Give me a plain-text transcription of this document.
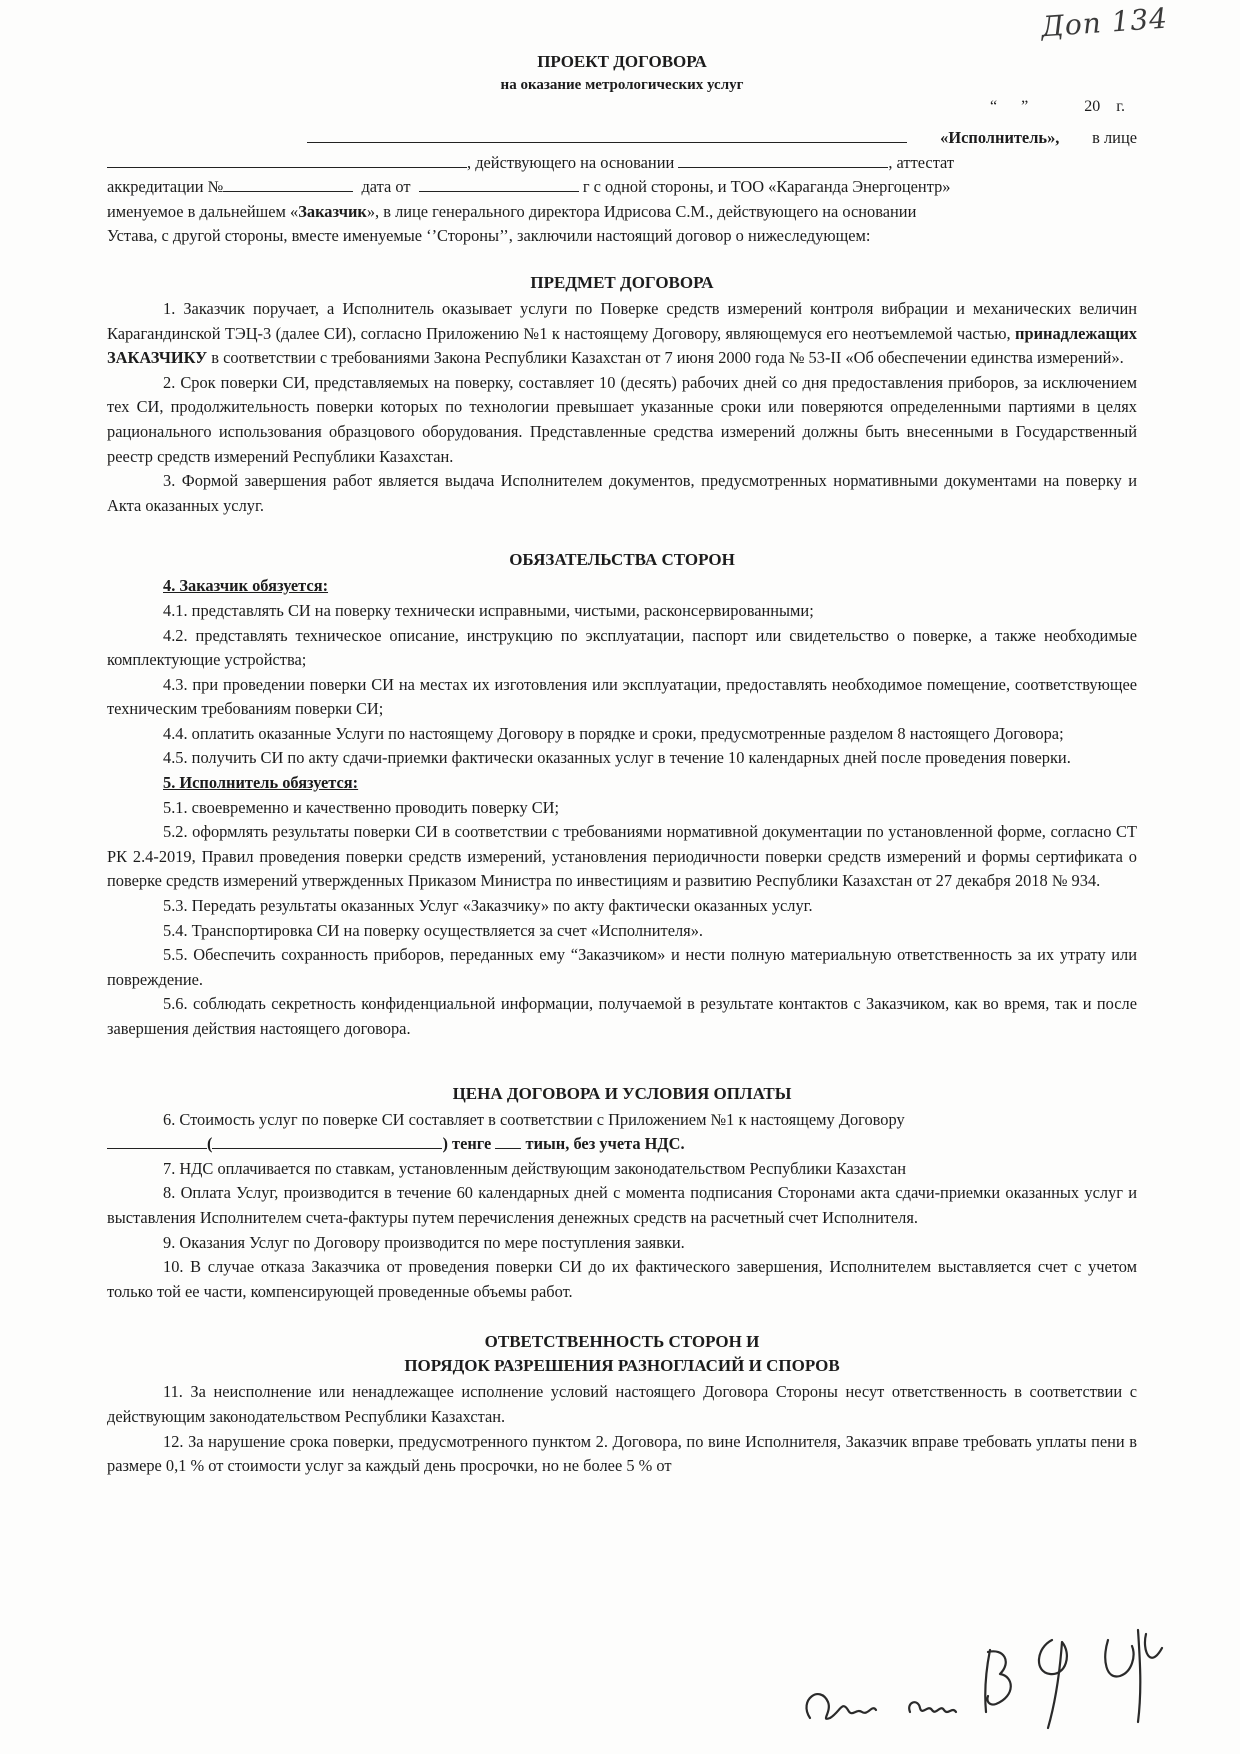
Доп 134

ПРОЕКТ ДОГОВОРА

на оказание метрологических услуг

“      ”              20    г.

«Исполнитель», в лице

, действующего на основании	, аттестат

аккредитации №	дата от	г с одной стороны, и ТОО «Караганда Энергоцентр»

именуемое в дальнейшем «Заказчик», в лице генерального директора Идрисова С.М., действующего на основании

Устава, с другой стороны, вместе именуемые ‘’Стороны’’, заключили настоящий договор о нижеследующем:

ПРЕДМЕТ ДОГОВОРА

1. Заказчик поручает, а Исполнитель оказывает услуги по Поверке средств измерений контроля вибрации и механических величин Карагандинской ТЭЦ-3 (далее СИ), согласно Приложению №1 к настоящему Договору, являющемуся его неотъемлемой частью, принадлежащих ЗАКАЗЧИКУ в соответствии с требованиями Закона Республики Казахстан от 7 июня 2000 года № 53-II «Об обеспечении единства измерений».

2. Срок поверки СИ, представляемых на поверку, составляет 10 (десять) рабочих дней со дня предоставления приборов, за исключением тех СИ, продолжительность поверки которых по технологии превышает указанные сроки или поверяются определенными партиями в целях рационального использования образцового оборудования. Представленные средства измерений должны быть внесенными в Государственный реестр средств измерений Республики Казахстан.

3. Формой завершения работ является выдача Исполнителем документов, предусмотренных нормативными документами на поверку и Акта оказанных услуг.

ОБЯЗАТЕЛЬСТВА СТОРОН

4. Заказчик обязуется:

4.1. представлять СИ на поверку технически исправными, чистыми, расконсервированными;

4.2. представлять техническое описание, инструкцию по эксплуатации, паспорт или свидетельство о поверке, а также необходимые комплектующие устройства;

4.3. при проведении поверки СИ на местах их изготовления или эксплуатации, предоставлять необходимое помещение, соответствующее техническим требованиям поверки СИ;

4.4. оплатить оказанные Услуги по настоящему Договору в порядке и сроки, предусмотренные разделом 8 настоящего Договора;

4.5. получить СИ по акту сдачи-приемки фактически оказанных услуг в течение 10 календарных дней после проведения поверки.

5. Исполнитель обязуется:

5.1. своевременно и качественно проводить поверку СИ;

5.2. оформлять результаты поверки СИ в соответствии с требованиями нормативной документации по установленной форме, согласно СТ РК 2.4-2019, Правил проведения поверки средств измерений, установления периодичности поверки средств измерений и формы сертификата о поверке средств измерений утвержденных Приказом Министра по инвестициям и развитию Республики Казахстан от 27 декабря 2018 № 934.

5.3. Передать результаты оказанных Услуг «Заказчику» по акту фактически оказанных услуг.

5.4. Транспортировка СИ на поверку осуществляется за счет «Исполнителя».

5.5. Обеспечить сохранность приборов, переданных ему “Заказчиком» и нести полную материальную ответственность за их утрату или повреждение.

5.6. соблюдать секретность конфиденциальной информации, получаемой в результате контактов с Заказчиком, как во время, так и после завершения действия настоящего договора.

ЦЕНА ДОГОВОРА И УСЛОВИЯ ОПЛАТЫ

6. Стоимость услуг по поверке СИ составляет в соответствии с Приложением №1 к настоящему Договору

(	) тенге тиын, без учета НДС.

7. НДС оплачивается по ставкам, установленным действующим законодательством Республики Казахстан

8. Оплата Услуг, производится в течение 60 календарных дней с момента подписания Сторонами акта сдачи-приемки оказанных услуг и выставления Исполнителем счета-фактуры путем перечисления денежных средств на расчетный счет Исполнителя.

9. Оказания Услуг по Договору производится по мере поступления заявки.

10. В случае отказа Заказчика от проведения поверки СИ до их фактического завершения, Исполнителем выставляется счет с учетом только той ее части, компенсирующей проведенные объемы работ.

ОТВЕТСТВЕННОСТЬ СТОРОН И

ПОРЯДОК РАЗРЕШЕНИЯ РАЗНОГЛАСИЙ И СПОРОВ

11. За неисполнение или ненадлежащее исполнение условий настоящего Договора Стороны несут ответственность в соответствии с действующим законодательством Республики Казахстан.

12. За нарушение срока поверки, предусмотренного пунктом 2. Договора, по вине Исполнителя, Заказчик вправе требовать уплаты пени в размере 0,1 % от стоимости услуг за каждый день просрочки, но не более 5 % от
